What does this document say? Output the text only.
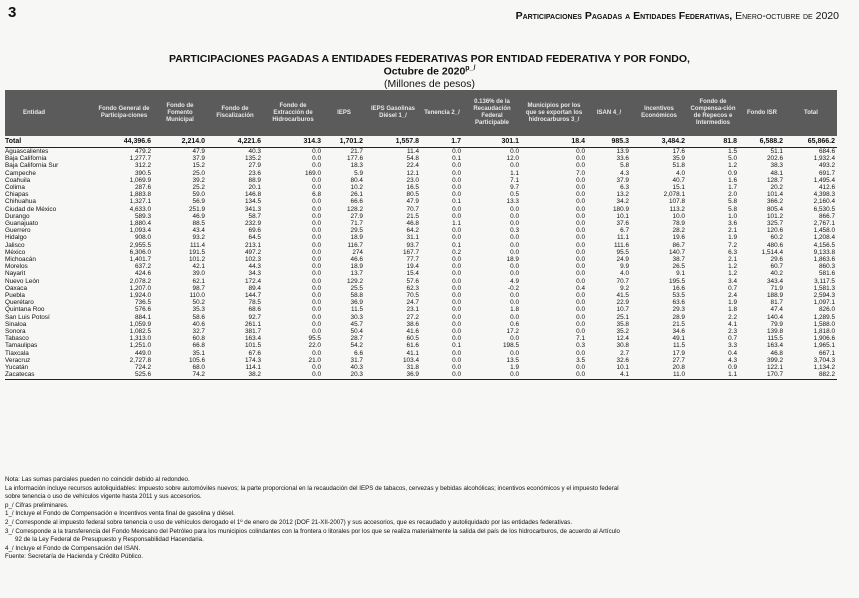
3	Participaciones Pagadas a Entidades Federativas, Enero-octubre de 2020
PARTICIPACIONES PAGADAS A ENTIDADES FEDERATIVAS POR ENTIDAD FEDERATIVA Y POR FONDO,
Octubre de $2020^{p\_/}$
(Millones de pesos)
Entidad	Fondo General de Participa-ciones	Fondo de Fomento Municipal	Fondo de Fiscalización	Fondo de Extracción de Hidrocarburos	IEPS	IEPS Gasolinas Diésel 1_/	Tenencia 2_/	0.136% de la Recaudación Federal Participable	Municipios por los que se exportan los hidrocarburos 3_/	ISAN 4_/	Incentivos Económicos	Fondo de Compensa-ción de Repecos e Intermedios	Fondo ISR	Total
Total	44,396.6	2,214.0	4,221.6	314.3	1,701.2	1,557.8	1.7	301.1	18.4	985.3	3,484.2	81.8	6,588.2	65,866.2
Aguascalientes	479.2	47.9	40.3	0.0	21.7	11.4	0.0	0.0	0.0	13.9	17.6	1.5	51.1	684.6
Baja California	1,277.7	37.9	135.2	0.0	177.6	54.8	0.1	12.0	0.0	33.6	35.9	5.0	202.6	1,932.4
Baja California Sur	312.2	15.2	27.9	0.0	18.3	22.4	0.0	0.0	0.0	5.8	51.8	1.2	38.3	493.2
Campeche	390.5	25.0	23.6	169.0	5.9	12.1	0.0	1.1	7.0	4.3	4.0	0.9	48.1	691.7
Coahuila	1,069.9	39.2	88.9	0.0	80.4	23.0	0.0	7.1	0.0	37.9	40.7	1.6	128.7	1,495.4
Colima	287.6	25.2	20.1	0.0	10.2	16.5	0.0	9.7	0.0	6.3	15.1	1.7	20.2	412.6
Chiapas	1,883.8	59.0	146.8	6.8	26.1	80.5	0.0	0.5	0.0	13.2	2,078.1	2.0	101.4	4,398.3
Chihuahua	1,327.1	56.9	134.5	0.0	66.6	47.9	0.1	13.3	0.0	34.2	107.8	5.8	366.2	2,160.4
Ciudad de México	4,633.0	251.9	341.3	0.0	128.2	70.7	0.0	0.0	0.0	180.9	113.2	5.8	805.4	6,530.5
Durango	589.3	46.9	58.7	0.0	27.9	21.5	0.0	0.0	0.0	10.1	10.0	1.0	101.2	866.7
Guanajuato	1,880.4	88.5	232.9	0.0	71.7	46.8	1.1	0.0	0.0	37.6	78.9	3.6	325.7	2,767.1
Guerrero	1,093.4	43.4	69.6	0.0	29.5	64.2	0.0	0.3	0.0	6.7	28.2	2.1	120.6	1,458.0
Hidalgo	908.0	93.2	64.5	0.0	18.9	31.1	0.0	0.0	0.0	11.1	19.6	1.9	60.2	1,208.4
Jalisco	2,955.5	111.4	213.1	0.0	116.7	93.7	0.1	0.0	0.0	111.6	86.7	7.2	480.6	4,156.5
México	6,306.0	191.5	497.2	0.0	274	167.7	0.2	0.0	0.0	95.5	140.7	6.3	1,514.4	9,133.8
Michoacán	1,401.7	101.2	102.3	0.0	46.6	77.7	0.0	18.9	0.0	24.9	38.7	2.1	29.6	1,863.6
Morelos	637.2	42.1	44.3	0.0	18.9	19.4	0.0	0.0	0.0	9.9	26.5	1.2	60.7	860.3
Nayarit	424.6	39.0	34.3	0.0	13.7	15.4	0.0	0.0	0.0	4.0	9.1	1.2	40.2	581.6
Nuevo León	2,078.2	62.1	172.4	0.0	129.2	57.6	0.0	4.9	0.0	70.7	195.5	3.4	343.4	3,117.5
Oaxaca	1,207.0	98.7	89.4	0.0	25.5	62.3	0.0	-0.2	0.4	9.2	16.6	0.7	71.9	1,581.3
Puebla	1,924.0	110.0	144.7	0.0	58.8	70.5	0.0	0.0	0.0	41.5	53.5	2.4	188.9	2,594.3
Querétaro	736.5	50.2	78.5	0.0	36.9	24.7	0.0	0.0	0.0	22.9	63.6	1.9	81.7	1,097.1
Quintana Roo	576.6	35.3	68.6	0.0	11.5	23.1	0.0	1.8	0.0	10.7	29.3	1.8	47.4	826.0
San Luis Potosí	884.1	58.6	92.7	0.0	30.3	27.2	0.0	0.0	0.0	25.1	28.9	2.2	140.4	1,289.5
Sinaloa	1,059.9	40.6	261.1	0.0	45.7	38.6	0.0	0.6	0.0	35.8	21.5	4.1	79.9	1,588.0
Sonora	1,082.5	32.7	381.7	0.0	50.4	41.6	0.0	17.2	0.0	35.2	34.6	2.3	139.8	1,818.0
Tabasco	1,313.0	60.8	163.4	95.5	28.7	60.5	0.0	0.0	7.1	12.4	49.1	0.7	115.5	1,906.6
Tamaulipas	1,251.0	66.8	101.5	22.0	54.2	61.6	0.1	198.5	0.3	30.8	11.5	3.3	163.4	1,965.1
Tlaxcala	449.0	35.1	67.6	0.0	6.6	41.1	0.0	0.0	0.0	2.7	17.9	0.4	46.8	667.1
Veracruz	2,727.8	105.6	174.3	21.0	31.7	103.4	0.0	13.5	3.5	32.6	27.7	4.3	399.2	3,704.3
Yucatán	724.2	68.0	114.1	0.0	40.3	31.8	0.0	1.9	0.0	10.1	20.8	0.9	122.1	1,134.2
Zacatecas	525.6	74.2	38.2	0.0	20.3	36.9	0.0	0.0	0.0	4.1	11.0	1.1	170.7	882.2

Nota: Las sumas parciales pueden no coincidir debido al redondeo.

La información incluye recursos autoliquidables: impuesto sobre automóviles nuevos; la parte proporcional en la recaudación del IEPS de tabacos, cervezas y bebidas alcohólicas; incentivos económicos y el impuesto federal

sobre tenencia o uso de vehículos vigente hasta 2011 y sus accesorios.

p_/ Cifras preliminares.

1_/ Incluye el Fondo de Compensación e Incentivos venta final de gasolina y diésel.

2_/ Corresponde al impuesto federal sobre tenencia o uso de vehículos derogado el 1º de enero de 2012 (DOF 21-XII-2007) y sus accesorios, que es recaudado y autoliquidado por las entidades federativas.

3_/ Corresponde a la transferencia del Fondo Mexicano del Petróleo para los municipios colindantes con la frontera o litorales por los que se realiza materialmente la salida del país de los hidrocarburos, de acuerdo al Artículo

92 de la Ley Federal de Presupuesto y Responsabilidad Hacendaria.

4_/ Incluye el Fondo de Compensación del ISAN.

Fuente: Secretaría de Hacienda y Crédito Público.
